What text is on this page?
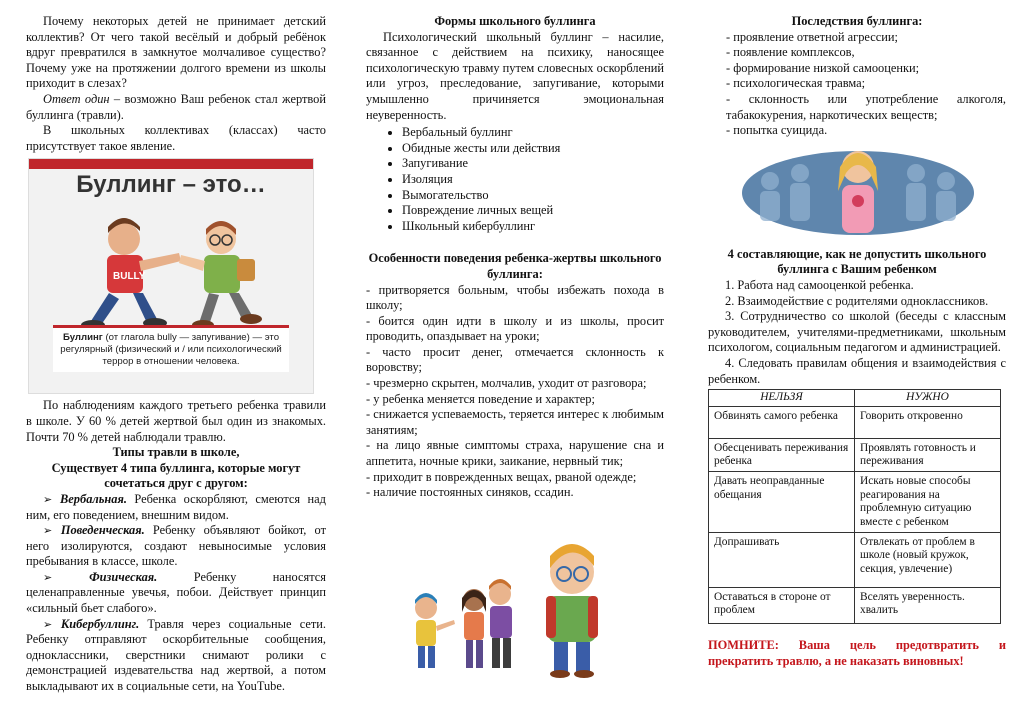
Почему некоторых детей не принимает детский коллектив? От чего такой весёлый и добрый ребёнок вдруг превратился в замкнутое молчаливое существо? Почему уже на протяжении долгого времени из школы приходит в слезах?

Ответ один – возможно Ваш ребенок стал жертвой буллинга (травли).

В школьных коллективах (классах) часто присутствует такое явление.

Буллинг – это…
BULLY
Буллинг (от глагола bully — запугивание) — это регулярный (физический и / или психологический террор в отношении человека.

По наблюдениям каждого третьего ребенка травили в школе. У 60 % детей жертвой был один из знакомых. Почти 70 % детей наблюдали травлю.

Типы травли в школе,

Существует 4 типа буллинга, которые могут сочетаться друг с другом:

➢ Вербальная. Ребенка оскорбляют, смеются над ним, его поведением, внешним видом.

➢ Поведенческая. Ребенку объявляют бойкот, от него изолируются, создают невыносимые условия пребывания в классе, школе.

➢ Физическая. Ребенку наносятся целенаправленные увечья, побои. Действует принцип «сильный бьет слабого».

➢ Кибербуллинг. Травля через социальные сети. Ребенку отправляют оскорбительные сообщения, одноклассники, сверстники снимают ролики с демонстрацией издевательства над жертвой, а потом выкладывают их в социальные сети, на YouTube.

Формы школьного буллинга

Психологический школьный буллинг – насилие, связанное с действием на психику, наносящее психологическую травму путем словесных оскорблений или угроз, преследование, запугивание, которыми умышленно причиняется эмоциональная неуверенность.

• Вербальный буллинг
• Обидные жесты или действия
• Запугивание
• Изоляция
• Вымогательство
• Повреждение личных вещей
• Школьный кибербуллинг

Особенности поведения ребенка-жертвы школьного буллинга:

- притворяется больным, чтобы избежать похода в школу;
- боится один идти в школу и из школы, просит проводить, опаздывает на уроки;
- часто просит денег, отмечается склонность к воровству;
- чрезмерно скрытен, молчалив, уходит от разговора;
- у ребенка меняется поведение и характер;
- снижается успеваемость, теряется интерес к любимым занятиям;
- на лицо явные симптомы страха, нарушение сна и аппетита, ночные крики, заикание, нервный тик;
- приходит в поврежденных вещах, рваной одежде;
- наличие постоянных синяков, ссадин.

Последствия буллинга:

- проявление ответной агрессии;
- появление комплексов,
- формирование низкой самооценки;
- психологическая травма;
- склонность или употребление алкоголя, табакокурения, наркотических веществ;
- попытка суицида.

4 составляющие, как не допустить школьного буллинга с Вашим ребенком

1. Работа над самооценкой ребенка.

2. Взаимодействие с родителями одноклассников.

3. Сотрудничество со школой (беседы с классным руководителем, учителями-предметниками, школьным психологом, социальным педагогом и администрацией.

4. Следовать правилам общения и взаимодействия с ребенком.

НЕЛЬЗЯ	НУЖНО
Обвинять самого ребенка	Говорить откровенно
Обесценивать переживания ребенка	Проявлять готовность и переживания
Давать неоправданные обещания	Искать новые способы реагирования на проблемную ситуацию вместе с ребенком
Допрашивать	Отвлекать от проблем в школе (новый кружок, секция, увлечение)
Оставаться в стороне от проблем	Вселять уверенность. хвалить

ПОМНИТЕ: Ваша цель предотвратить и прекратить травлю, а не наказать виновных!
